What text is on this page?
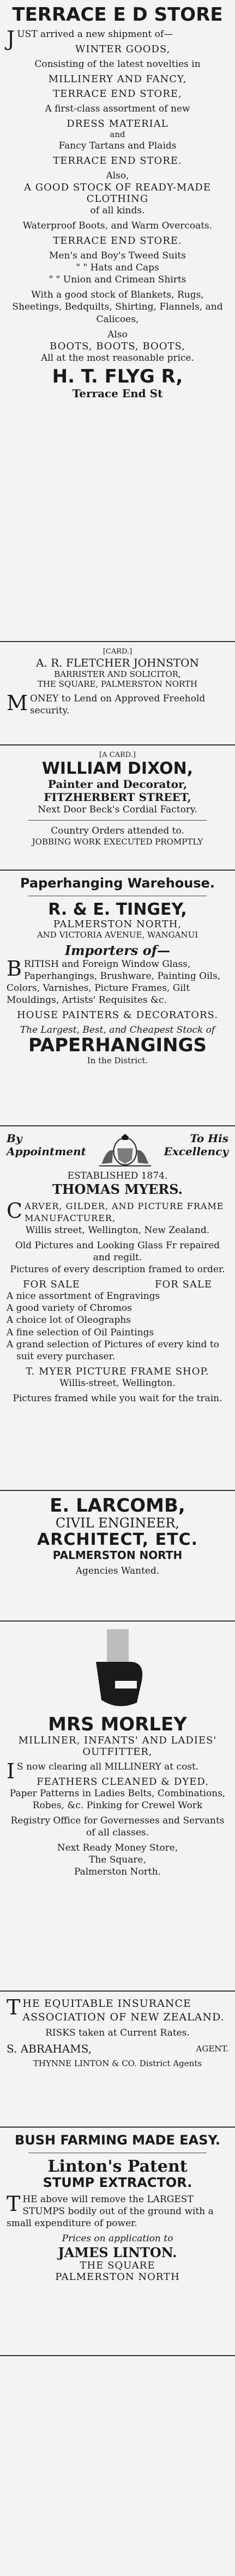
TERRACE E D STORE
J UST arrived a new shipment of—
WINTER GOODS,
Consisting of the latest novelties in
MILLINERY AND FANCY,
TERRACE END STORE,
A first-class assortment of new
DRESS MATERIAL
and
Fancy Tartans and Plaids
TERRACE END STORE.
Also,
A GOOD STOCK OF READY-MADE CLOTHING
of all kinds.
Waterproof Boots, and Warm Overcoats.
TERRACE END STORE.
Men's and Boy's Tweed Suits
" " Hats and Caps
" " Union and Crimean Shirts
With a good stock of Blankets, Rugs, Sheetings, Bedquilts, Shirting, Flannels, and Calicoes,
Also
BOOTS, BOOTS, BOOTS,
All at the most reasonable price.
H. T. FLYG R,
Terrace End St
[CARD.]
A. R. FLETCHER JOHNSTON
BARRISTER AND SOLICITOR,
THE SQUARE, PALMERSTON NORTH
M ONEY to Lend on Approved Freehold security.
[A CARD.]
WILLIAM DIXON,
Painter and Decorator,
FITZHERBERT STREET,
Next Door Beck's Cordial Factory.
Country Orders attended to.
JOBBING WORK EXECUTED PROMPTLY
Paperhanging Warehouse.
R. & E. TINGEY,
PALMERSTON NORTH,
AND VICTORIA AVENUE, WANGANUI
Importers of—
B RITISH and Foreign Window Glass, Paperhangings, Brushware, Painting Oils, Colors, Varnishes, Picture Frames, Gilt Mouldings, Artists' Requisites &c.
HOUSE PAINTERS & DECORATORS.
The Largest, Best, and Cheapest Stock of
PAPERHANGINGS
In the District.
By
Appointment
To His
Excellency
ESTABLISHED 1874.
THOMAS MYERS.
C ARVER, GILDER, AND PICTURE FRAME MANUFACTURER,
Willis street, Wellington, New Zealand.
Old Pictures and Looking Glass Fr repaired and regilt.
Pictures of every description framed to order.
FOR SALE	FOR SALE
A nice assortment of Engravings
A good variety of Chromos
A choice lot of Oleographs
A fine selection of Oil Paintings
A grand selection of Pictures of every kind to suit every purchaser.
T. MYER PICTURE FRAME SHOP.
Willis-street, Wellington.
Pictures framed while you wait for the train.
E. LARCOMB,
CIVIL ENGINEER,
ARCHITECT, ETC.
PALMERSTON NORTH
Agencies Wanted.
MRS MORLEY
MILLINER, INFANTS' AND LADIES' OUTFITTER,
I S now clearing all MILLINERY at cost.
FEATHERS CLEANED & DYED.
Paper Patterns in Ladies Belts, Combinations, Robes, &c. Pinking for Crewel Work
Registry Office for Governesses and Servants of all classes.
Next Ready Money Store,
The Square,
Palmerston North.
T HE EQUITABLE INSURANCE ASSOCIATION OF NEW ZEALAND.
RISKS taken at Current Rates.
S. ABRAHAMS,	AGENT.
THYNNE LINTON & CO. District Agents
BUSH FARMING MADE EASY.
Linton's Patent
STUMP EXTRACTOR.
T HE above will remove the LARGEST STUMPS bodily out of the ground with a small expenditure of power.
Prices on application to
JAMES LINTON.
THE SQUARE
PALMERSTON NORTH
